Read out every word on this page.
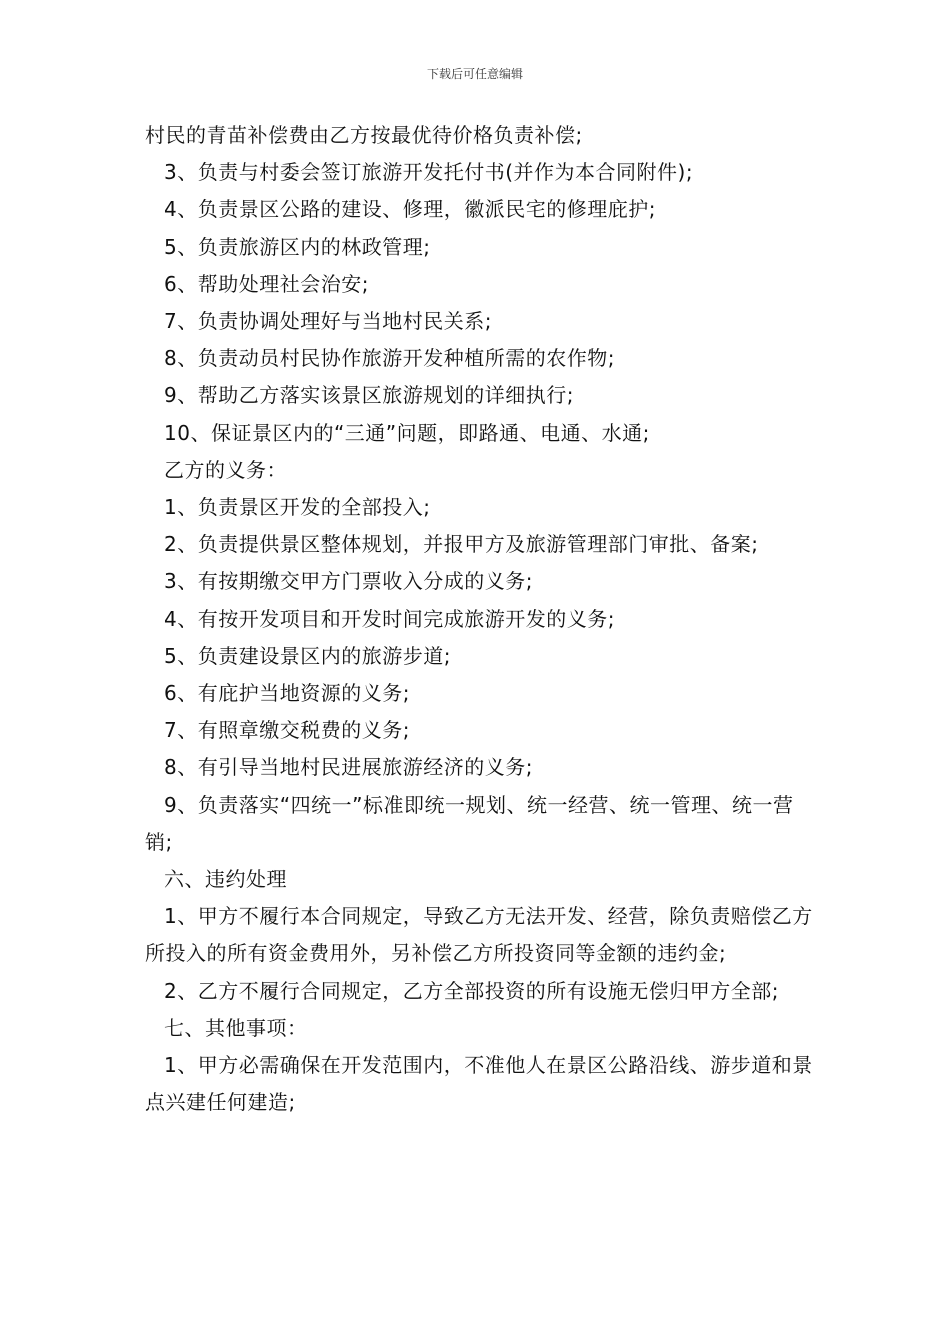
下载后可任意编辑

村民的青苗补偿费由乙方按最优待价格负责补偿;

3、负责与村委会签订旅游开发托付书(并作为本合同附件);

4、负责景区公路的建设、修理，徽派民宅的修理庇护;

5、负责旅游区内的林政管理;

6、帮助处理社会治安;

7、负责协调处理好与当地村民关系;

8、负责动员村民协作旅游开发种植所需的农作物;

9、帮助乙方落实该景区旅游规划的详细执行;

10、保证景区内的“三通”问题，即路通、电通、水通;

乙方的义务：

1、负责景区开发的全部投入;

2、负责提供景区整体规划，并报甲方及旅游管理部门审批、备案;

3、有按期缴交甲方门票收入分成的义务;

4、有按开发项目和开发时间完成旅游开发的义务;

5、负责建设景区内的旅游步道;

6、有庇护当地资源的义务;

7、有照章缴交税费的义务;

8、有引导当地村民进展旅游经济的义务;

9、负责落实“四统一”标准即统一规划、统一经营、统一管理、统一营销;

六、违约处理

1、甲方不履行本合同规定，导致乙方无法开发、经营，除负责赔偿乙方所投入的所有资金费用外，另补偿乙方所投资同等金额的违约金;

2、乙方不履行合同规定，乙方全部投资的所有设施无偿归甲方全部;

七、其他事项：

1、甲方必需确保在开发范围内，不准他人在景区公路沿线、游步道和景点兴建任何建造;
